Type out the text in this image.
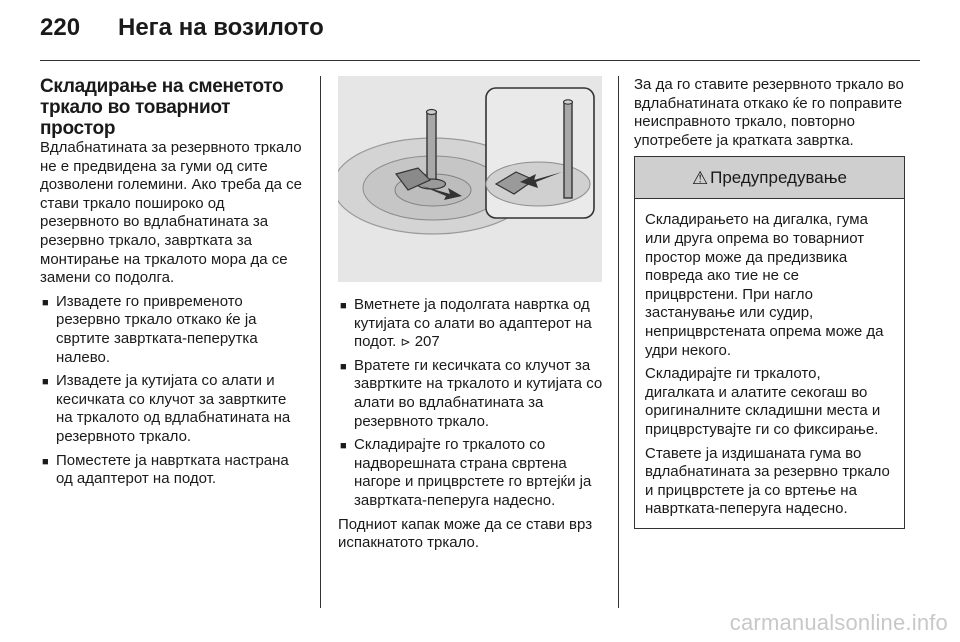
220	Нега на возилото
Складирање на сменетото
тркало во товарниот простор

Вдлабнатината за резервното тркало не е предвидена за гуми од сите дозволени големини. Ако треба да се стави тркало пошироко од резервното во вдлабнатината за резервно тркало, завртката за монтирање на тркалото мора да се замени со подолга.

■ Извадете го привременото резервно тркало откако ќе ја свртите завртката-пеперутка налево.
■ Извадете ја кутијата со алати и кесичката со клучот за завртките на тркалото од вдлабнатината на резервното тркало.
■ Поместете ја навртката настрана од адаптерот на подот.
■ Вметнете ја подолгата навртка од кутијата со алати во адаптерот на подот. ⊳ 207
■ Вратете ги кесичката со клучот за завртките на тркалото и кутијата со алати во вдлабнатината за резервното тркало.
■ Складирајте го тркалото со надворешната страна свртена нагоре и прицврстете го вртејќи ја завртката-пеперуга надесно.

Подниот капак може да се стави врз испакнатото тркало.

За да го ставите резервното тркало во вдлабнатината откако ќе го поправите неисправното тркало, повторно употребете ја кратката завртка.

⚠ Предупредување

Складирањето на дигалка, гума или друга опрема во товарниот простор може да предизвика повреда ако тие не се прицврстени. При нагло застанување или судир, неприцврстената опрема може да удри некого.

Складирајте ги тркалото, дигалката и алатите секогаш во оригиналните складишни места и прицврстувајте ги со фиксирање.

Ставете ја издишаната гума во вдлабнатината за резервно тркало и прицврстете ја со вртење на навртката-пеперуга надесно.

carmanualsonline.info
